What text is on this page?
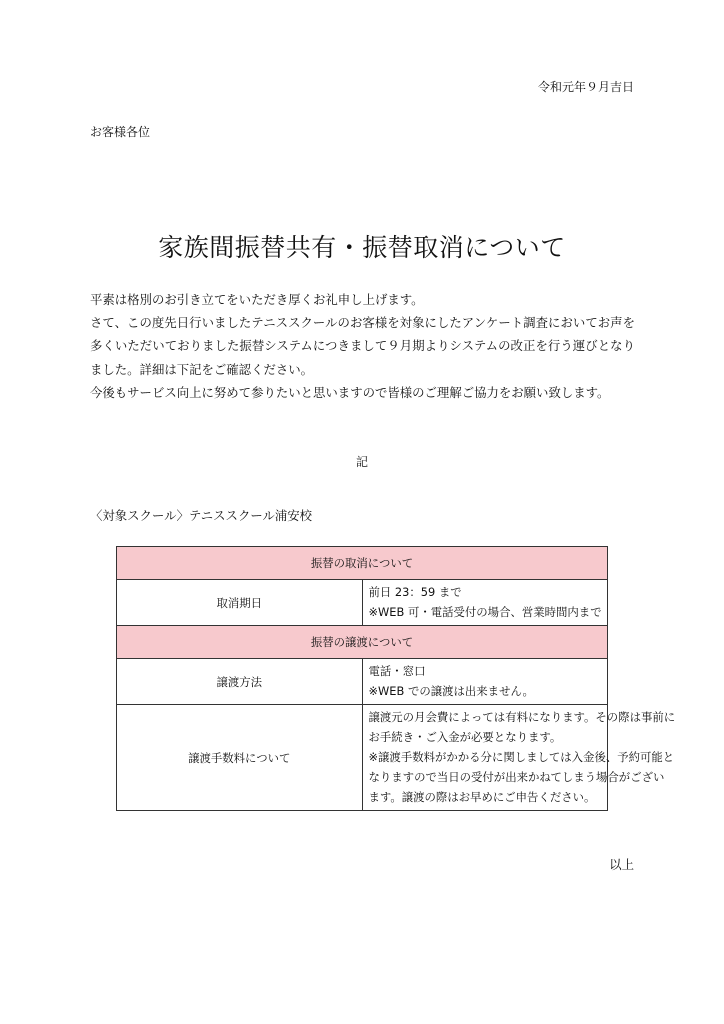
令和元年９月吉日
お客様各位
家族間振替共有・振替取消について

平素は格別のお引き立てをいただき厚くお礼申し上げます。

さて、この度先日行いましたテニススクールのお客様を対象にしたアンケート調査においてお声を多くいただいておりました振替システムにつきまして９月期よりシステムの改正を行う運びとなりました。詳細は下記をご確認ください。

今後もサービス向上に努めて参りたいと思いますので皆様のご理解ご協力をお願い致します。

記
〈対象スクール〉テニススクール浦安校
振替の取消について	
取消期日	前日 23：59 まで
※WEB 可・電話受付の場合、営業時間内まで

振替の譲渡について	
譲渡方法	電話・窓口
※WEB での譲渡は出来ません。

譲渡手数料について	譲渡元の月会費によっては有料になります。その際は事前に
お手続き・ご入金が必要となります。
※譲渡手数料がかかる分に関しましては入金後、予約可能と
なりますので当日の受付が出来かねてしまう場合がござい
ます。譲渡の際はお早めにご申告ください。
以上
